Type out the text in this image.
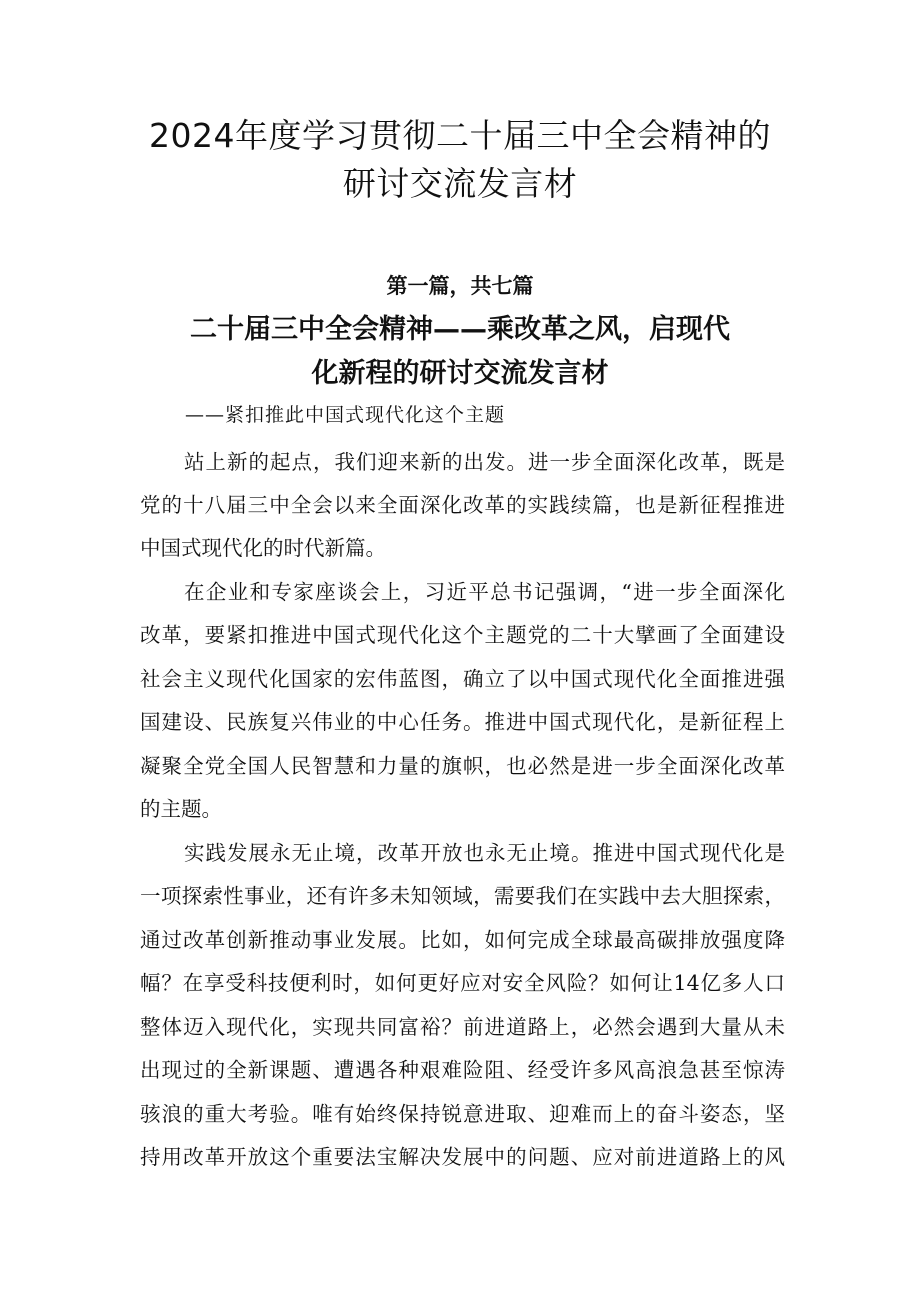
2024年度学习贯彻二十届三中全会精神的
研讨交流发言材
第一篇，共七篇
二十届三中全会精神——乘改革之风，启现代
化新程的研讨交流发言材
——紧扣推此中国式现代化这个主题
站上新的起点，我们迎来新的出发。进一步全面深化改革，既是
党的十八届三中全会以来全面深化改革的实践续篇，也是新征程推进
中国式现代化的时代新篇。
在企业和专家座谈会上，习近平总书记强调，“进一步全面深化
改革，要紧扣推进中国式现代化这个主题党的二十大擘画了全面建设
社会主义现代化国家的宏伟蓝图，确立了以中国式现代化全面推进强
国建设、民族复兴伟业的中心任务。推进中国式现代化，是新征程上
凝聚全党全国人民智慧和力量的旗帜，也必然是进一步全面深化改革
的主题。
实践发展永无止境，改革开放也永无止境。推进中国式现代化是
一项探索性事业，还有许多未知领域，需要我们在实践中去大胆探索，
通过改革创新推动事业发展。比如，如何完成全球最高碳排放强度降
幅？在享受科技便利时，如何更好应对安全风险？如何让14亿多人口
整体迈入现代化，实现共同富裕？前进道路上，必然会遇到大量从未
出现过的全新课题、遭遇各种艰难险阻、经受许多风高浪急甚至惊涛
骇浪的重大考验。唯有始终保持锐意进取、迎难而上的奋斗姿态，坚
持用改革开放这个重要法宝解决发展中的问题、应对前进道路上的风
